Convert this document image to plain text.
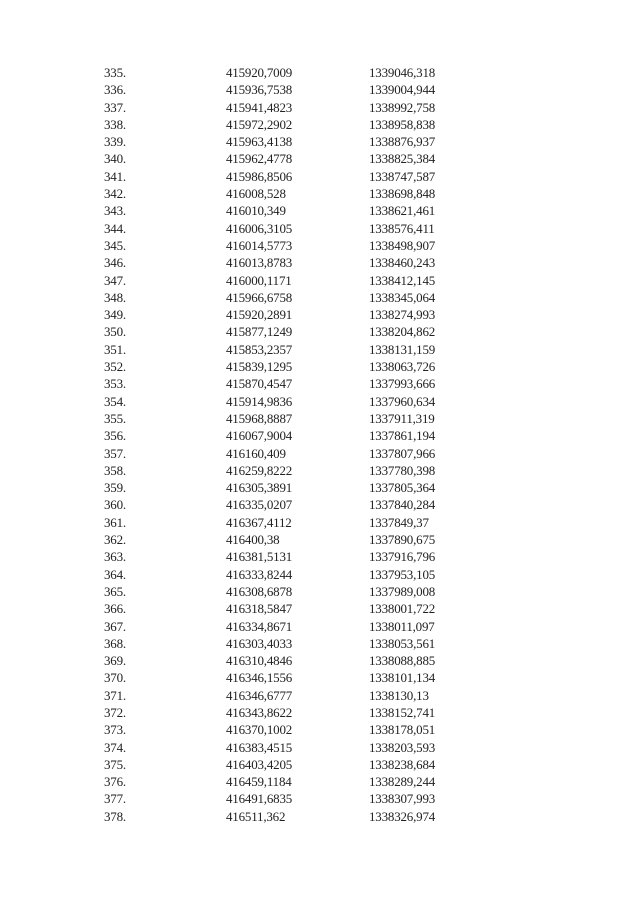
335.	415920,7009	1339046,318
336.	415936,7538	1339004,944
337.	415941,4823	1338992,758
338.	415972,2902	1338958,838
339.	415963,4138	1338876,937
340.	415962,4778	1338825,384
341.	415986,8506	1338747,587
342.	416008,528	1338698,848
343.	416010,349	1338621,461
344.	416006,3105	1338576,411
345.	416014,5773	1338498,907
346.	416013,8783	1338460,243
347.	416000,1171	1338412,145
348.	415966,6758	1338345,064
349.	415920,2891	1338274,993
350.	415877,1249	1338204,862
351.	415853,2357	1338131,159
352.	415839,1295	1338063,726
353.	415870,4547	1337993,666
354.	415914,9836	1337960,634
355.	415968,8887	1337911,319
356.	416067,9004	1337861,194
357.	416160,409	1337807,966
358.	416259,8222	1337780,398
359.	416305,3891	1337805,364
360.	416335,0207	1337840,284
361.	416367,4112	1337849,37
362.	416400,38	1337890,675
363.	416381,5131	1337916,796
364.	416333,8244	1337953,105
365.	416308,6878	1337989,008
366.	416318,5847	1338001,722
367.	416334,8671	1338011,097
368.	416303,4033	1338053,561
369.	416310,4846	1338088,885
370.	416346,1556	1338101,134
371.	416346,6777	1338130,13
372.	416343,8622	1338152,741
373.	416370,1002	1338178,051
374.	416383,4515	1338203,593
375.	416403,4205	1338238,684
376.	416459,1184	1338289,244
377.	416491,6835	1338307,993
378.	416511,362	1338326,974
